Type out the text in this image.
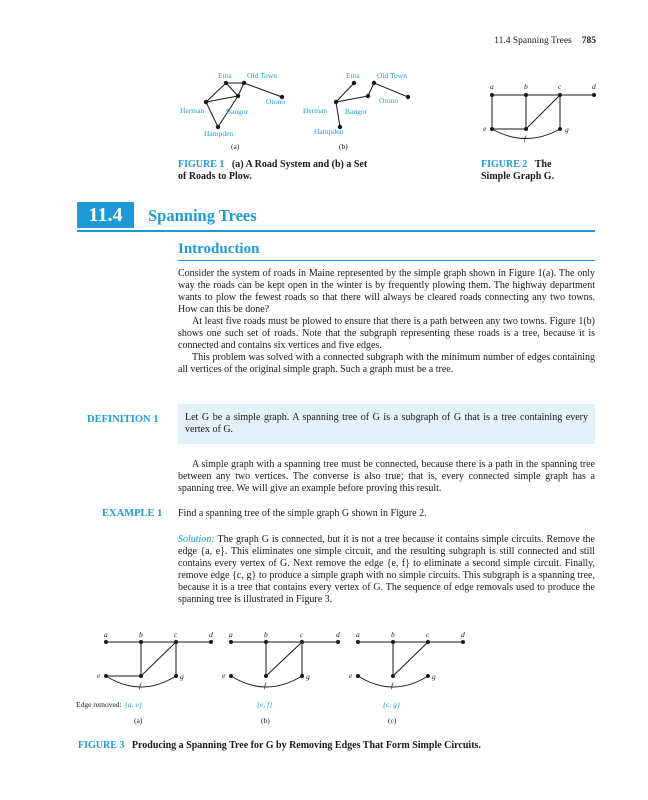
11.4 Spanning Trees 785
Etna Old Town
Orono
Herman	Bangor
Hampden
Etna Old Town
Orono
Herman Bangor
Hampden
(a)	(b)
FIGURE 1 (a) A Road System and (b) a Set
of Roads to Plow.
a	b	c	d
e
f
g
FIGURE 2 The
Simple Graph G.
11.4	Spanning Trees
Introduction

Consider the system of roads in Maine represented by the simple graph shown in Figure 1(a). The only way the roads can be kept open in the winter is by frequently plowing them. The highway department wants to plow the fewest roads so that there will always be cleared roads connecting any two towns. How can this be done?

At least five roads must be plowed to ensure that there is a path between any two towns. Figure 1(b) shows one such set of roads. Note that the subgraph representing these roads is a tree, because it is connected and contains six vertices and five edges.

This problem was solved with a connected subgraph with the minimum number of edges containing all vertices of the original simple graph. Such a graph must be a tree.

DEFINITION 1	Let G be a simple graph. A spanning tree of G is a subgraph of G that is a tree containing every vertex of G.

A simple graph with a spanning tree must be connected, because there is a path in the spanning tree between any two vertices. The converse is also true; that is, every connected simple graph has a spanning tree. We will give an example before proving this result.

EXAMPLE 1 Find a spanning tree of the simple graph G shown in Figure 2.

Solution: The graph G is connected, but it is not a tree because it contains simple circuits. Remove the edge {a, e}. This eliminates one simple circuit, and the resulting subgraph is still connected and still contains every vertex of G. Next remove the edge {e, f} to eliminate a second simple circuit. Finally, remove edge {c, g} to produce a simple graph with no simple circuits. This subgraph is a spanning tree, because it is a tree that contains every vertex of G. The sequence of edge removals used to produce the spanning tree is illustrated in Figure 3.

a	b	c	d
e
f
g
a	b	c	d
e
f
g
a	b	c	d
e
f
g
Edge removed: {a, e}	{e, f}	{c, g}
(a)	(b)	(c)
FIGURE 3 Producing a Spanning Tree for G by Removing Edges That Form Simple Circuits.
